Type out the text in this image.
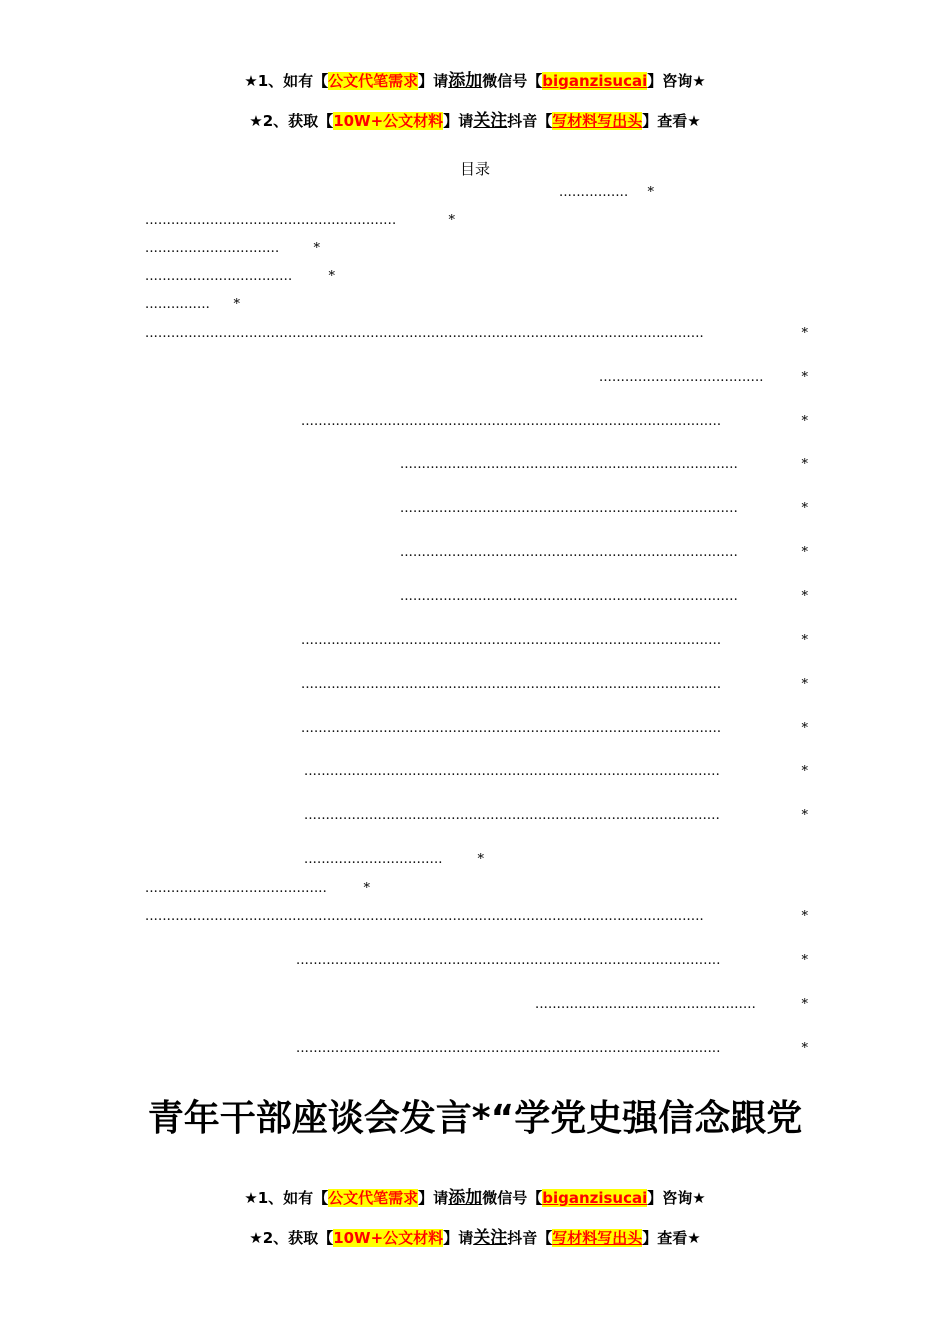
★1、如有【公文代笔需求】请添加微信号【biganzisucai】咨询★
★2、获取【10W+公文材料】请关注抖音【写材料写出头】查看★
目录
................	*
..........................................................	*
...............................	*
..................................	*
...............	*
.................................................................................................................................	*
......................................	*
.................................................................................................	*
..............................................................................	*
..............................................................................	*
..............................................................................	*
..............................................................................	*
.................................................................................................	*
.................................................................................................	*
.................................................................................................	*
................................................................................................	*
................................................................................................	*
................................	*
..........................................	*
.................................................................................................................................	*
..................................................................................................	*
...................................................	*
..................................................................................................	*
青年干部座谈会发言*“学党史强信念跟党
★1、如有【公文代笔需求】请添加微信号【biganzisucai】咨询★
★2、获取【10W+公文材料】请关注抖音【写材料写出头】查看★
